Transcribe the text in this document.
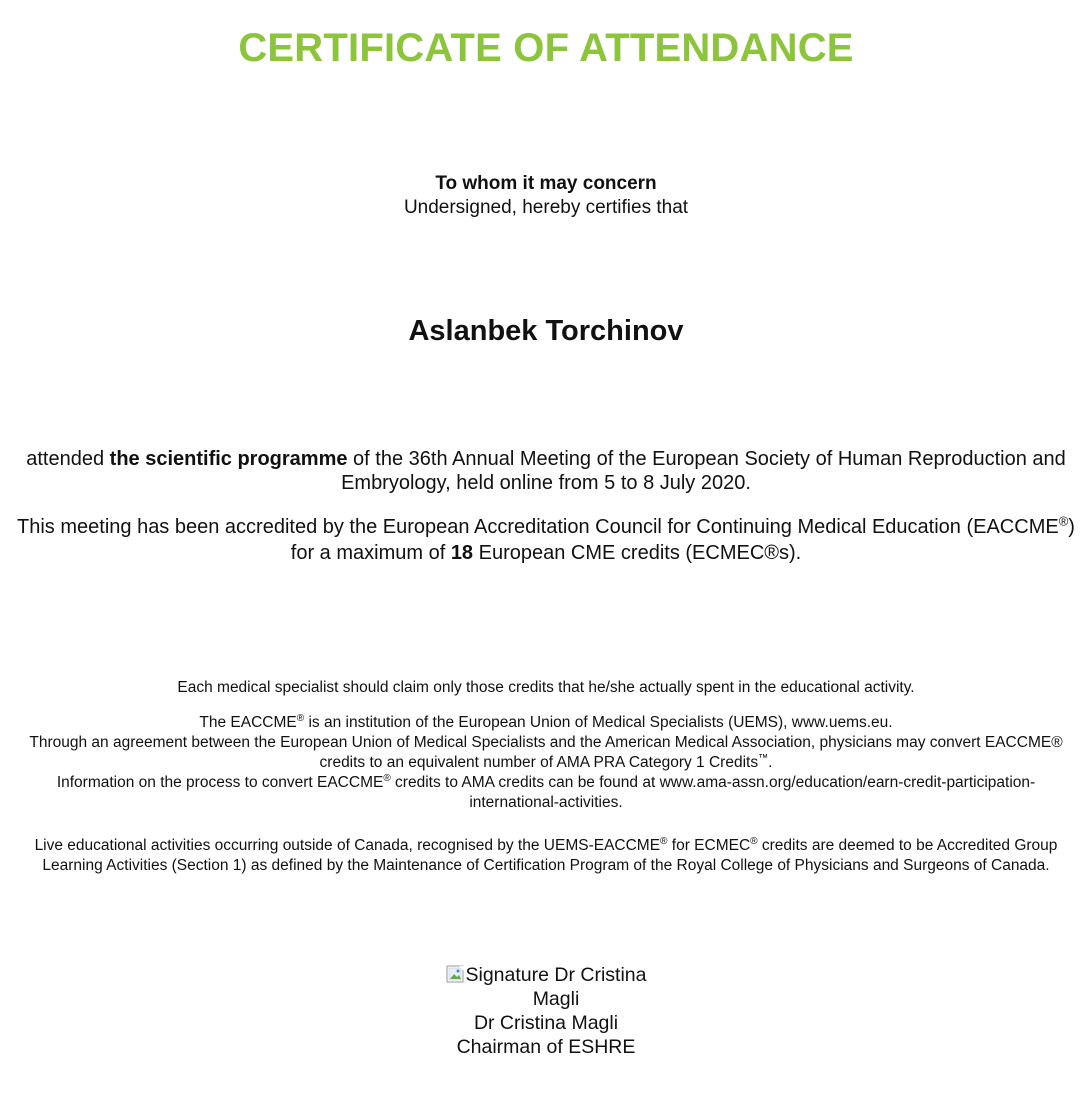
CERTIFICATE OF ATTENDANCE
To whom it may concern
Undersigned, hereby certifies that
Aslanbek Torchinov
attended the scientific programme of the 36th Annual Meeting of the European Society of Human Reproduction and Embryology, held online from 5 to 8 July 2020.
This meeting has been accredited by the European Accreditation Council for Continuing Medical Education (EACCME®)
for a maximum of 18 European CME credits (ECMEC®s).
Each medical specialist should claim only those credits that he/she actually spent in the educational activity.
The EACCME® is an institution of the European Union of Medical Specialists (UEMS), www.uems.eu.
Through an agreement between the European Union of Medical Specialists and the American Medical Association, physicians may convert EACCME® credits to an equivalent number of AMA PRA Category 1 Credits™.
Information on the process to convert EACCME® credits to AMA credits can be found at www.ama-assn.org/education/earn-credit-participation-international-activities.
Live educational activities occurring outside of Canada, recognised by the UEMS-EACCME® for ECMEC® credits are deemed to be Accredited Group Learning Activities (Section 1) as defined by the Maintenance of Certification Program of the Royal College of Physicians and Surgeons of Canada.
Signature Dr Cristina Magli
Dr Cristina Magli
Chairman of ESHRE
